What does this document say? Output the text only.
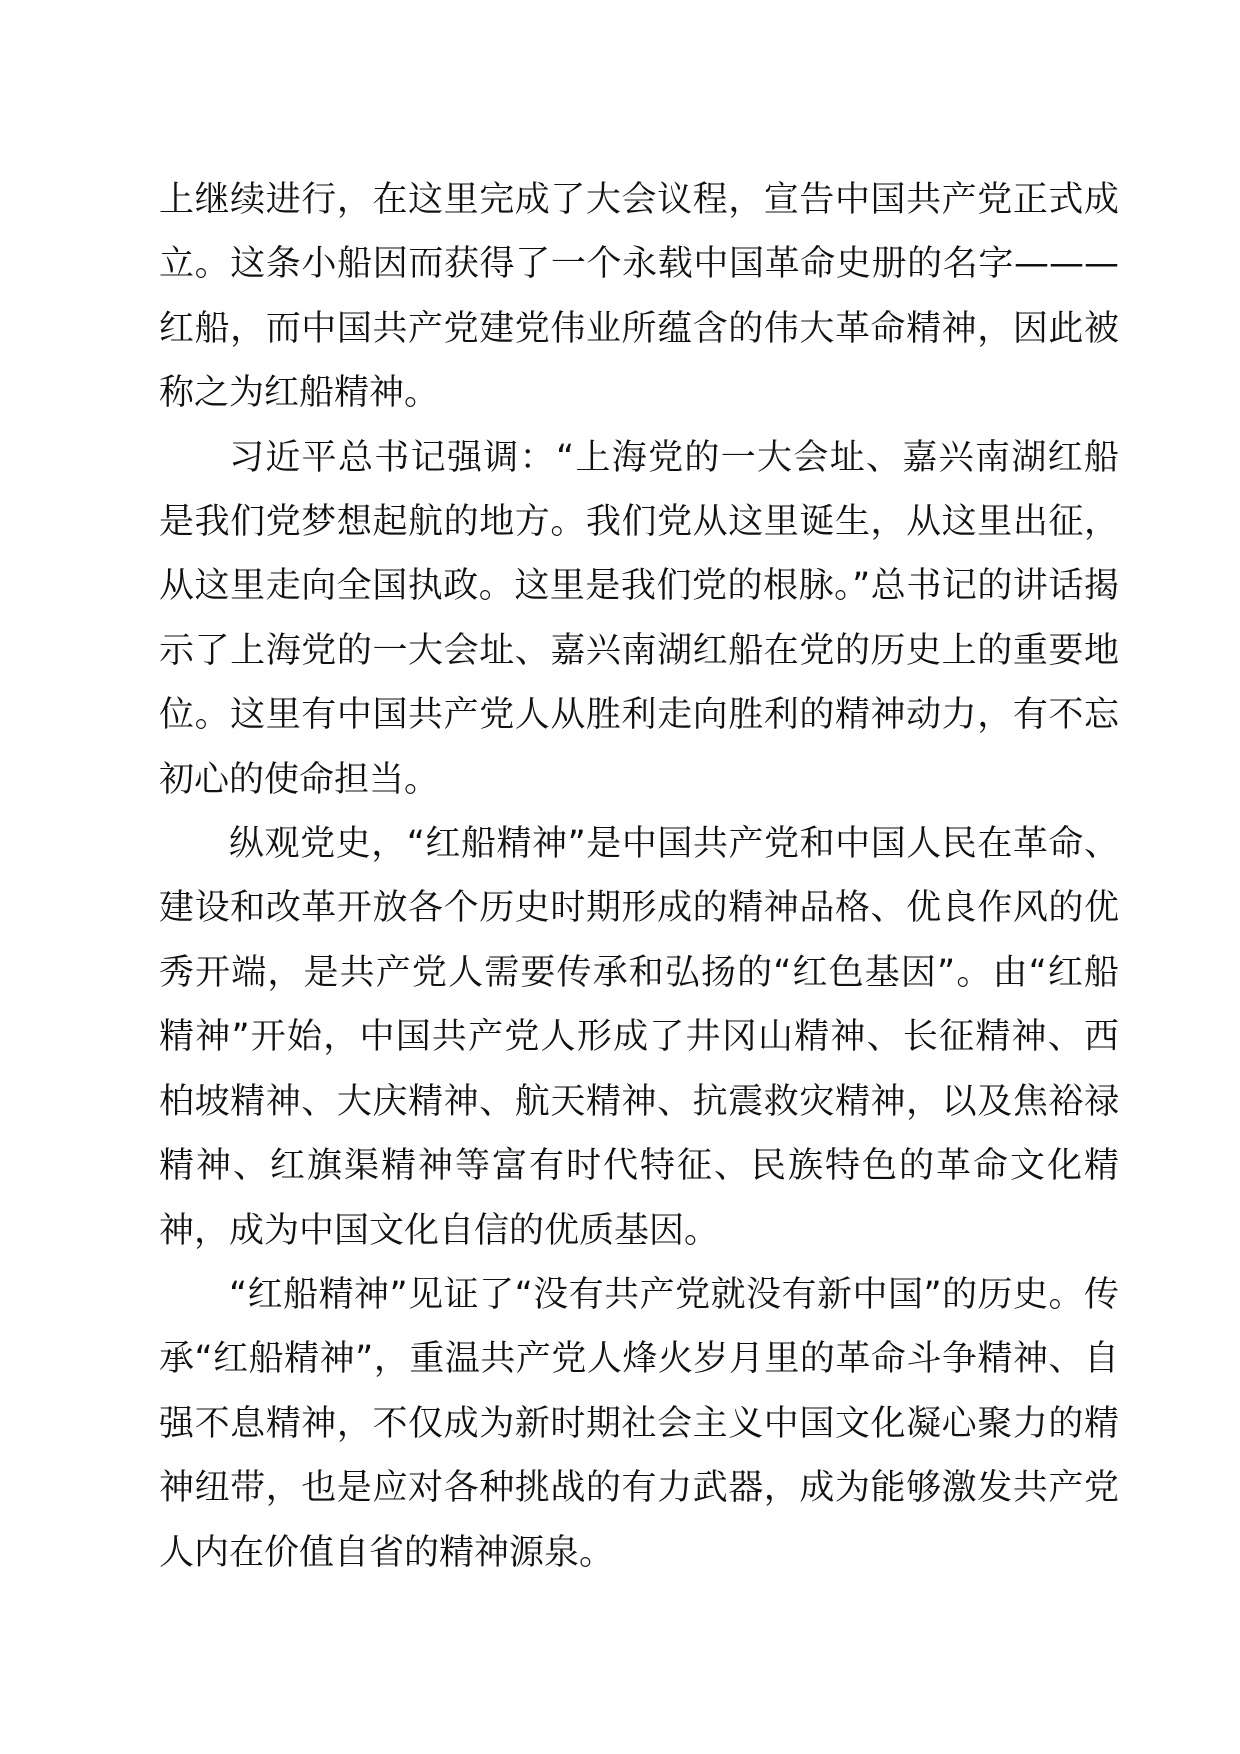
上继续进行，在这里完成了大会议程，宣告中国共产党正式成立。这条小船因而获得了一个永载中国革命史册的名字———红船，而中国共产党建党伟业所蕴含的伟大革命精神，因此被称之为红船精神。

习近平总书记强调：“上海党的一大会址、嘉兴南湖红船是我们党梦想起航的地方。我们党从这里诞生，从这里出征，从这里走向全国执政。这里是我们党的根脉。”总书记的讲话揭示了上海党的一大会址、嘉兴南湖红船在党的历史上的重要地位。这里有中国共产党人从胜利走向胜利的精神动力，有不忘初心的使命担当。

纵观党史，“红船精神”是中国共产党和中国人民在革命、建设和改革开放各个历史时期形成的精神品格、优良作风的优秀开端，是共产党人需要传承和弘扬的“红色基因”。由“红船精神”开始，中国共产党人形成了井冈山精神、长征精神、西柏坡精神、大庆精神、航天精神、抗震救灾精神，以及焦裕禄精神、红旗渠精神等富有时代特征、民族特色的革命文化精神，成为中国文化自信的优质基因。

“红船精神”见证了“没有共产党就没有新中国”的历史。传承“红船精神”，重温共产党人烽火岁月里的革命斗争精神、自强不息精神，不仅成为新时期社会主义中国文化凝心聚力的精神纽带，也是应对各种挑战的有力武器，成为能够激发共产党人内在价值自省的精神源泉。
